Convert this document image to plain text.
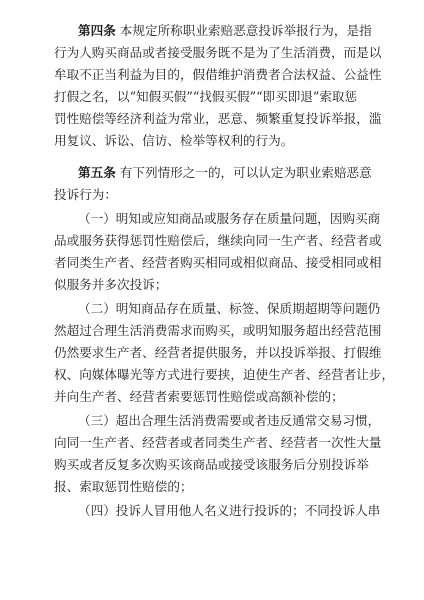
第四条 本规定所称职业索赔恶意投诉举报行为，是指
行为人购买商品或者接受服务既不是为了生活消费，而是以
牟取不正当利益为目的，假借维护消费者合法权益、公益性
打假之名，以“知假买假”“找假买假”“即买即退”索取惩
罚性赔偿等经济利益为常业，恶意、频繁重复投诉举报，滥
用复议、诉讼、信访、检举等权利的行为。
第五条 有下列情形之一的，可以认定为职业索赔恶意
投诉行为：
（一）明知或应知商品或服务存在质量问题，因购买商
品或服务获得惩罚性赔偿后，继续向同一生产者、经营者或
者同类生产者、经营者购买相同或相似商品、接受相同或相
似服务并多次投诉；
（二）明知商品存在质量、标签、保质期超期等问题仍
然超过合理生活消费需求而购买，或明知服务超出经营范围
仍然要求生产者、经营者提供服务，并以投诉举报、打假维
权、向媒体曝光等方式进行要挟，迫使生产者、经营者让步，
并向生产者、经营者索要惩罚性赔偿或高额补偿的；
（三）超出合理生活消费需要或者违反通常交易习惯，
向同一生产者、经营者或者同类生产者、经营者一次性大量
购买或者反复多次购买该商品或接受该服务后分别投诉举
报、索取惩罚性赔偿的；
（四）投诉人冒用他人名义进行投诉的；不同投诉人串
